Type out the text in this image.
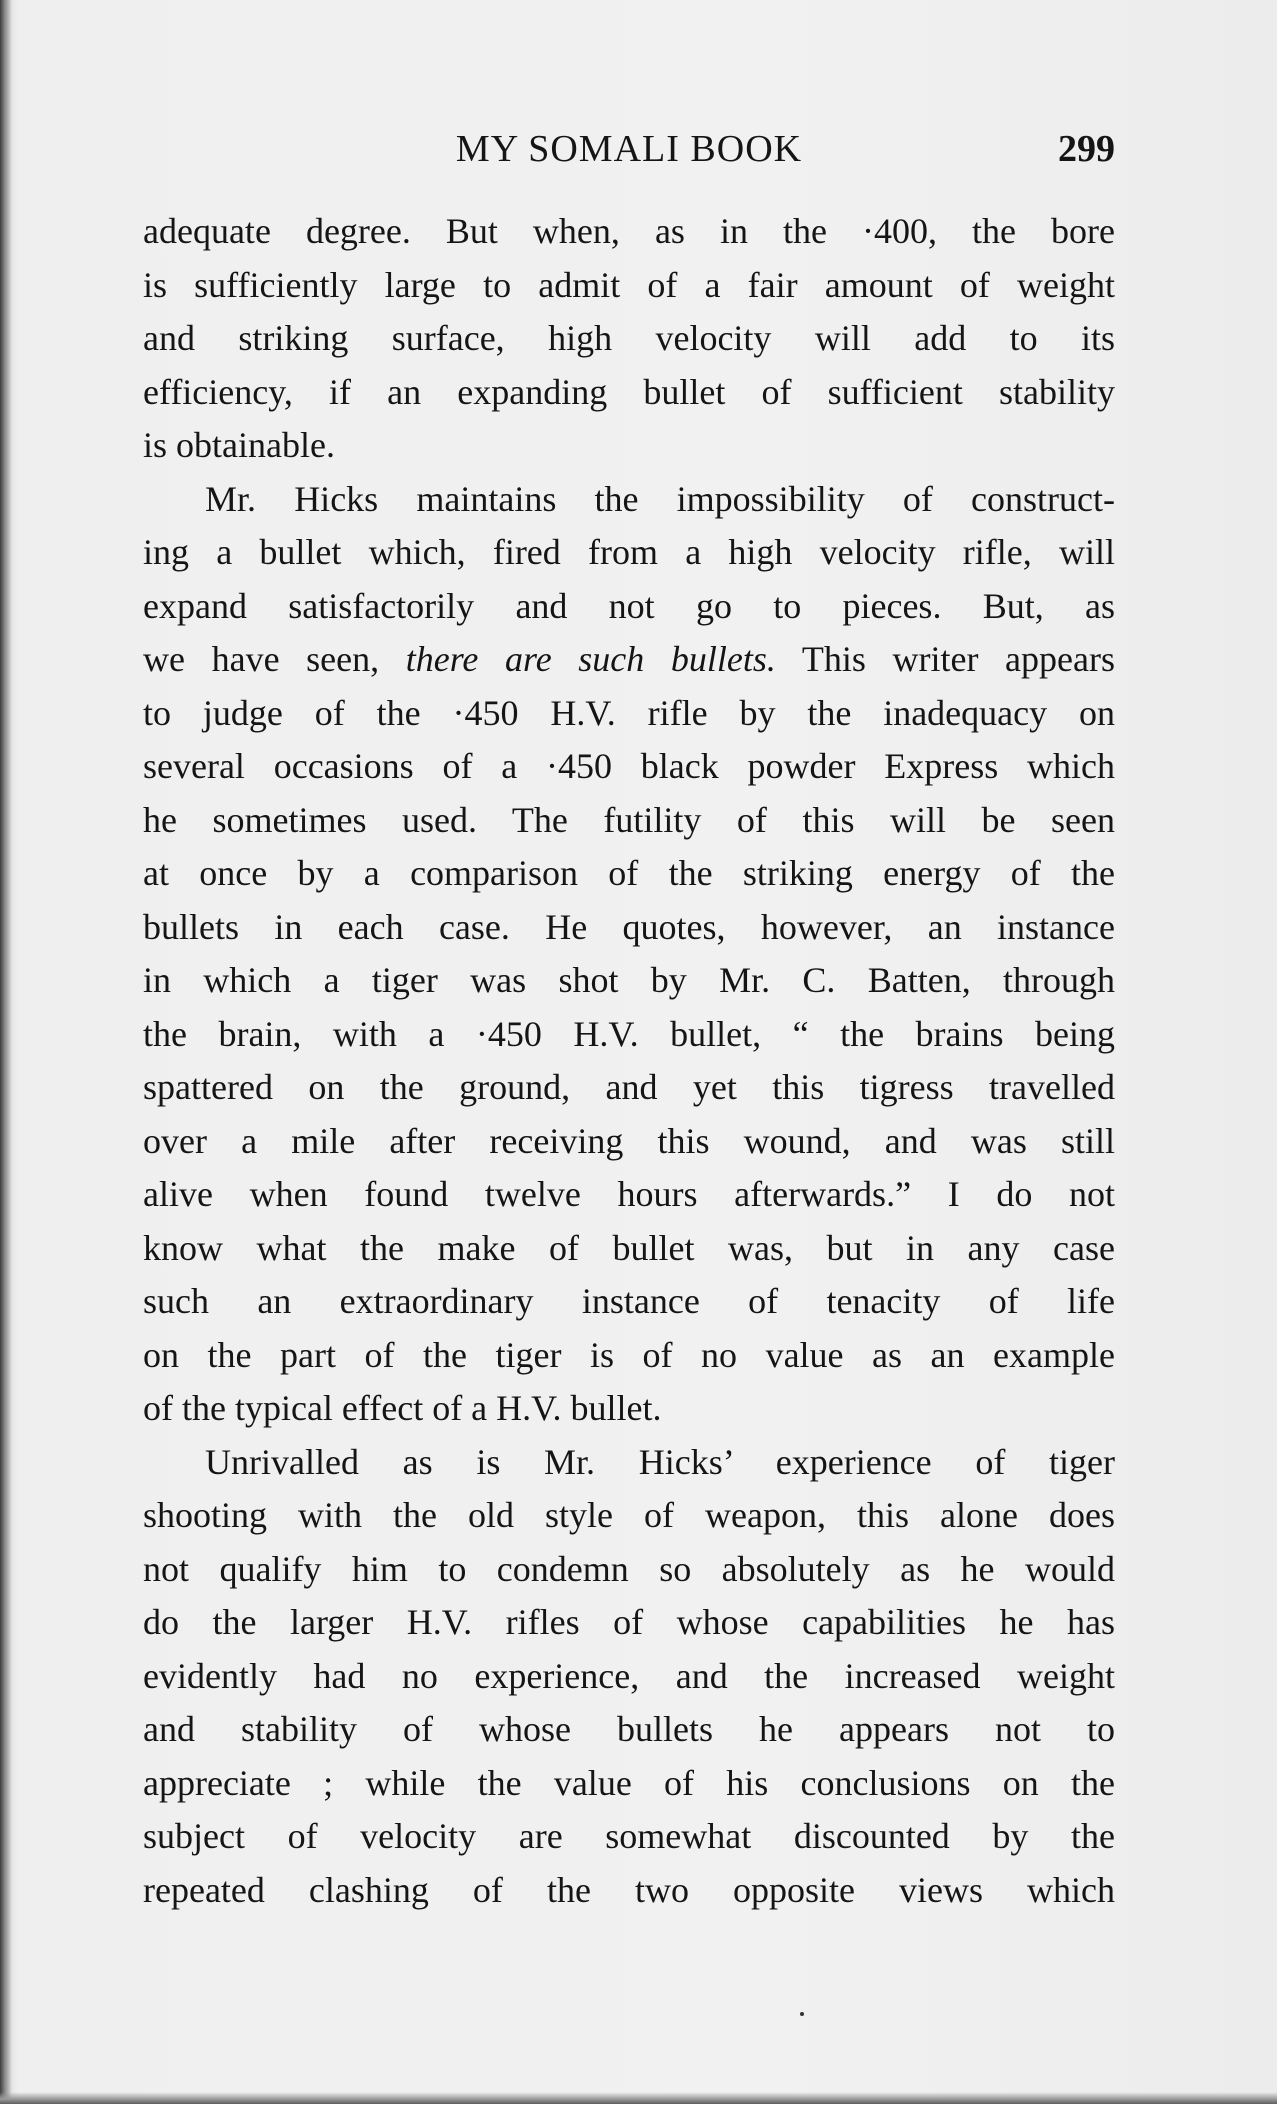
MY SOMALI BOOK	299
adequate degree. But when, as in the ·400, the bore
is sufficiently large to admit of a fair amount of weight
and striking surface, high velocity will add to its
efficiency, if an expanding bullet of sufficient stability
is obtainable.
Mr. Hicks maintains the impossibility of construct-
ing a bullet which, fired from a high velocity rifle, will
expand satisfactorily and not go to pieces. But, as
we have seen, there are such bullets. This writer appears
to judge of the ·450 H.V. rifle by the inadequacy on
several occasions of a ·450 black powder Express which
he sometimes used. The futility of this will be seen
at once by a comparison of the striking energy of the
bullets in each case. He quotes, however, an instance
in which a tiger was shot by Mr. C. Batten, through
the brain, with a ·450 H.V. bullet, “ the brains being
spattered on the ground, and yet this tigress travelled
over a mile after receiving this wound, and was still
alive when found twelve hours afterwards.” I do not
know what the make of bullet was, but in any case
such an extraordinary instance of tenacity of life
on the part of the tiger is of no value as an example
of the typical effect of a H.V. bullet.
Unrivalled as is Mr. Hicks’ experience of tiger
shooting with the old style of weapon, this alone does
not qualify him to condemn so absolutely as he would
do the larger H.V. rifles of whose capabilities he has
evidently had no experience, and the increased weight
and stability of whose bullets he appears not to
appreciate ; while the value of his conclusions on the
subject of velocity are somewhat discounted by the
repeated clashing of the two opposite views which
